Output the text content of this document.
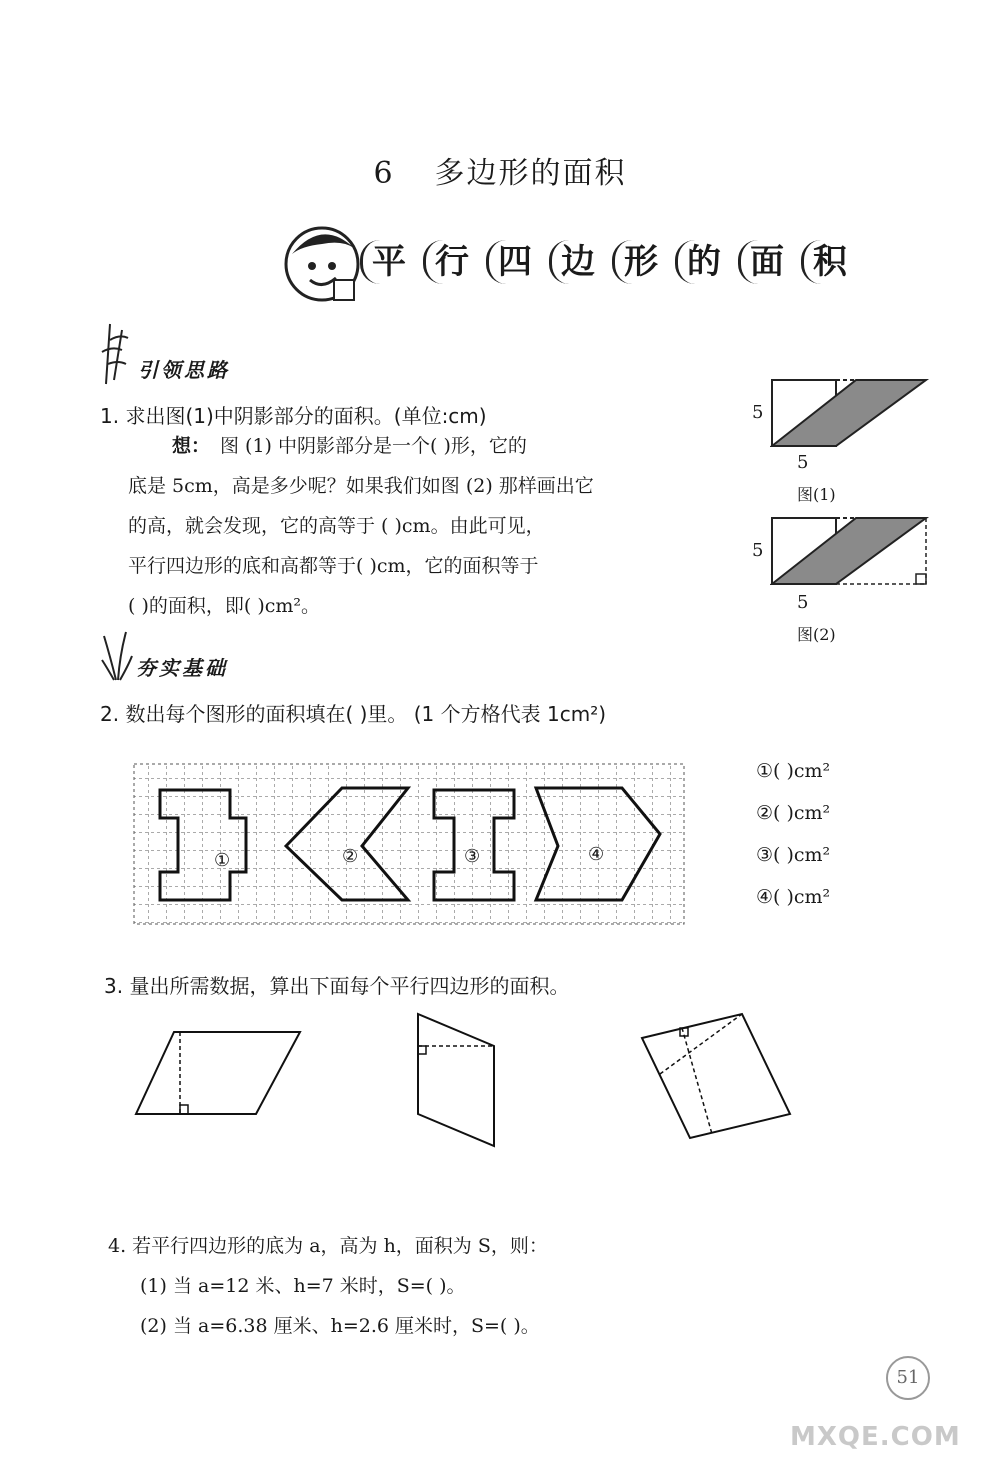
6 多边形的面积
平 行 四 边 形 的 面 积
引领思路
1. 求出图(1)中阴影部分的面积。(单位:cm)
想： 图 (1) 中阴影部分是一个( )形，它的
底是 5cm，高是多少呢？如果我们如图 (2) 那样画出它
的高，就会发现，它的高等于 ( )cm。由此可见，
平行四边形的底和高都等于( )cm，它的面积等于
( )的面积，即( )cm²。
5
5
图(1)
5
5
图(2)
夯实基础
2. 数出每个图形的面积填在( )里。 (1 个方格代表 1cm²)
①	②	③	④
①( )cm²
②( )cm²
③( )cm²
④( )cm²
3. 量出所需数据，算出下面每个平行四边形的面积。
4. 若平行四边形的底为 a，高为 h，面积为 S，则：
(1) 当 a=12 米、h=7 米时，S=( )。
(2) 当 a=6.38 厘米、h=2.6 厘米时，S=( )。
51
MXQE.COM
